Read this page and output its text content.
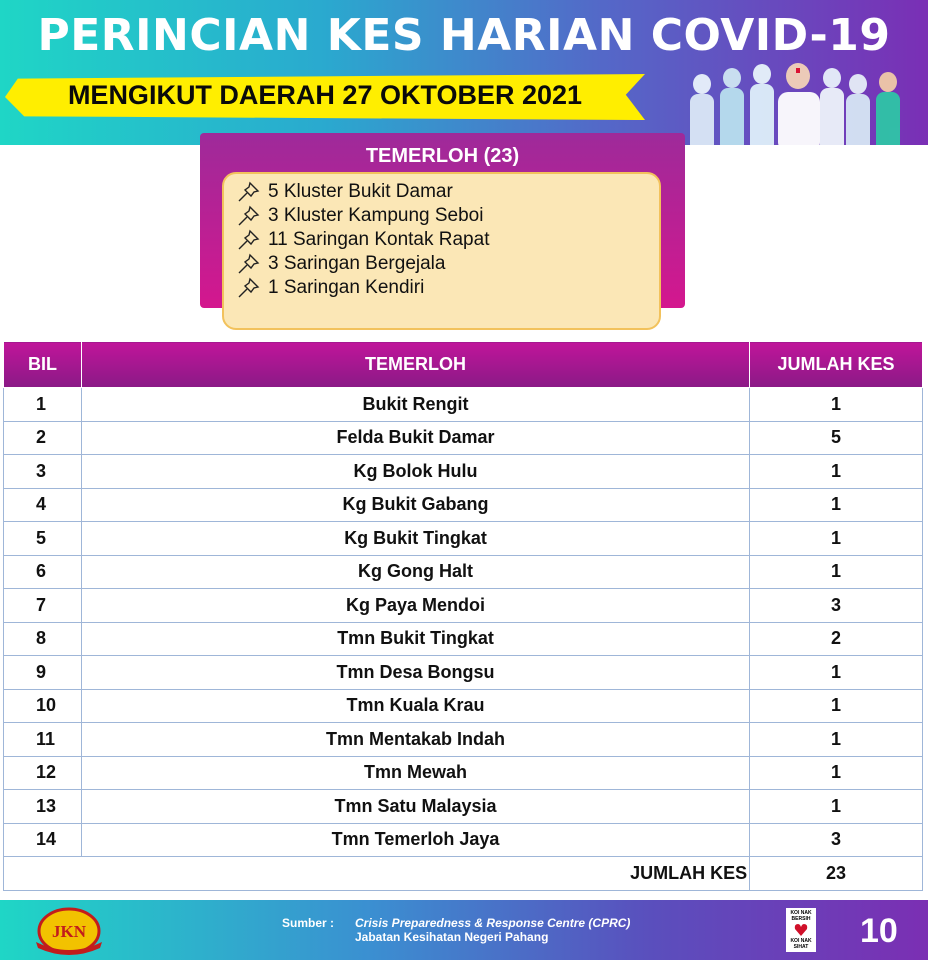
PERINCIAN KES HARIAN COVID-19
MENGIKUT DAERAH 27 OKTOBER 2021
TEMERLOH (23)
5 Kluster Bukit Damar
3 Kluster Kampung Seboi
11 Saringan Kontak Rapat
3 Saringan Bergejala
1 Saringan Kendiri
BIL	TEMERLOH	JUMLAH KES
1	Bukit Rengit	1
2	Felda Bukit Damar	5
3	Kg Bolok Hulu	1
4	Kg Bukit Gabang	1
5	Kg Bukit Tingkat	1
6	Kg Gong Halt	1
7	Kg Paya Mendoi	3
8	Tmn Bukit Tingkat	2
9	Tmn Desa Bongsu	1
10	Tmn Kuala Krau	1
11	Tmn Mentakab Indah	1
12	Tmn Mewah	1
13	Tmn Satu Malaysia	1
14	Tmn Temerloh Jaya	3
JUMLAH KES		23
JKN	Sumber : Crisis Preparedness & Response Centre (CPRC)
Jabatan Kesihatan Negeri Pahang
KOI NAK
BERSIH
KOI NAK
SIHAT 10
